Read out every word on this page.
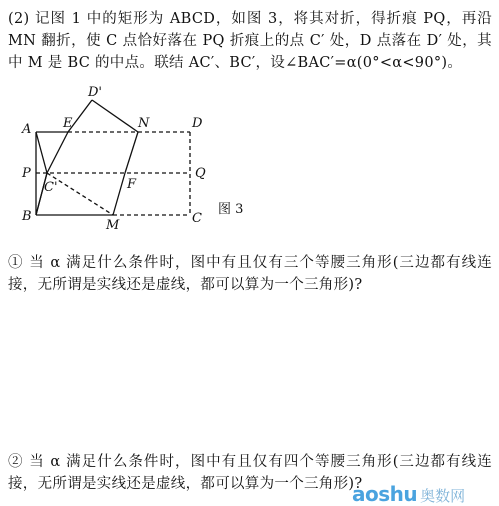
(2) 记图 1 中的矩形为 ABCD，如图 3，将其对折，得折痕 PQ，再沿 MN 翻折，使 C 点恰好落在 PQ 折痕上的点 C′ 处，D 点落在 D′ 处，其中 M 是 BC 的中点。联结 AC′、BC′，设∠BAC′=α(0°<α<90°)。
A E	N	D
D'
P	Q
C'	F
B
M	C
图 3
① 当 α 满足什么条件时，图中有且仅有三个等腰三角形(三边都有线连接，无所谓是实线还是虚线，都可以算为一个三角形)?
② 当 α 满足什么条件时，图中有且仅有四个等腰三角形(三边都有线连接，无所谓是实线还是虚线，都可以算为一个三角形)?
aoshu 奥数网
